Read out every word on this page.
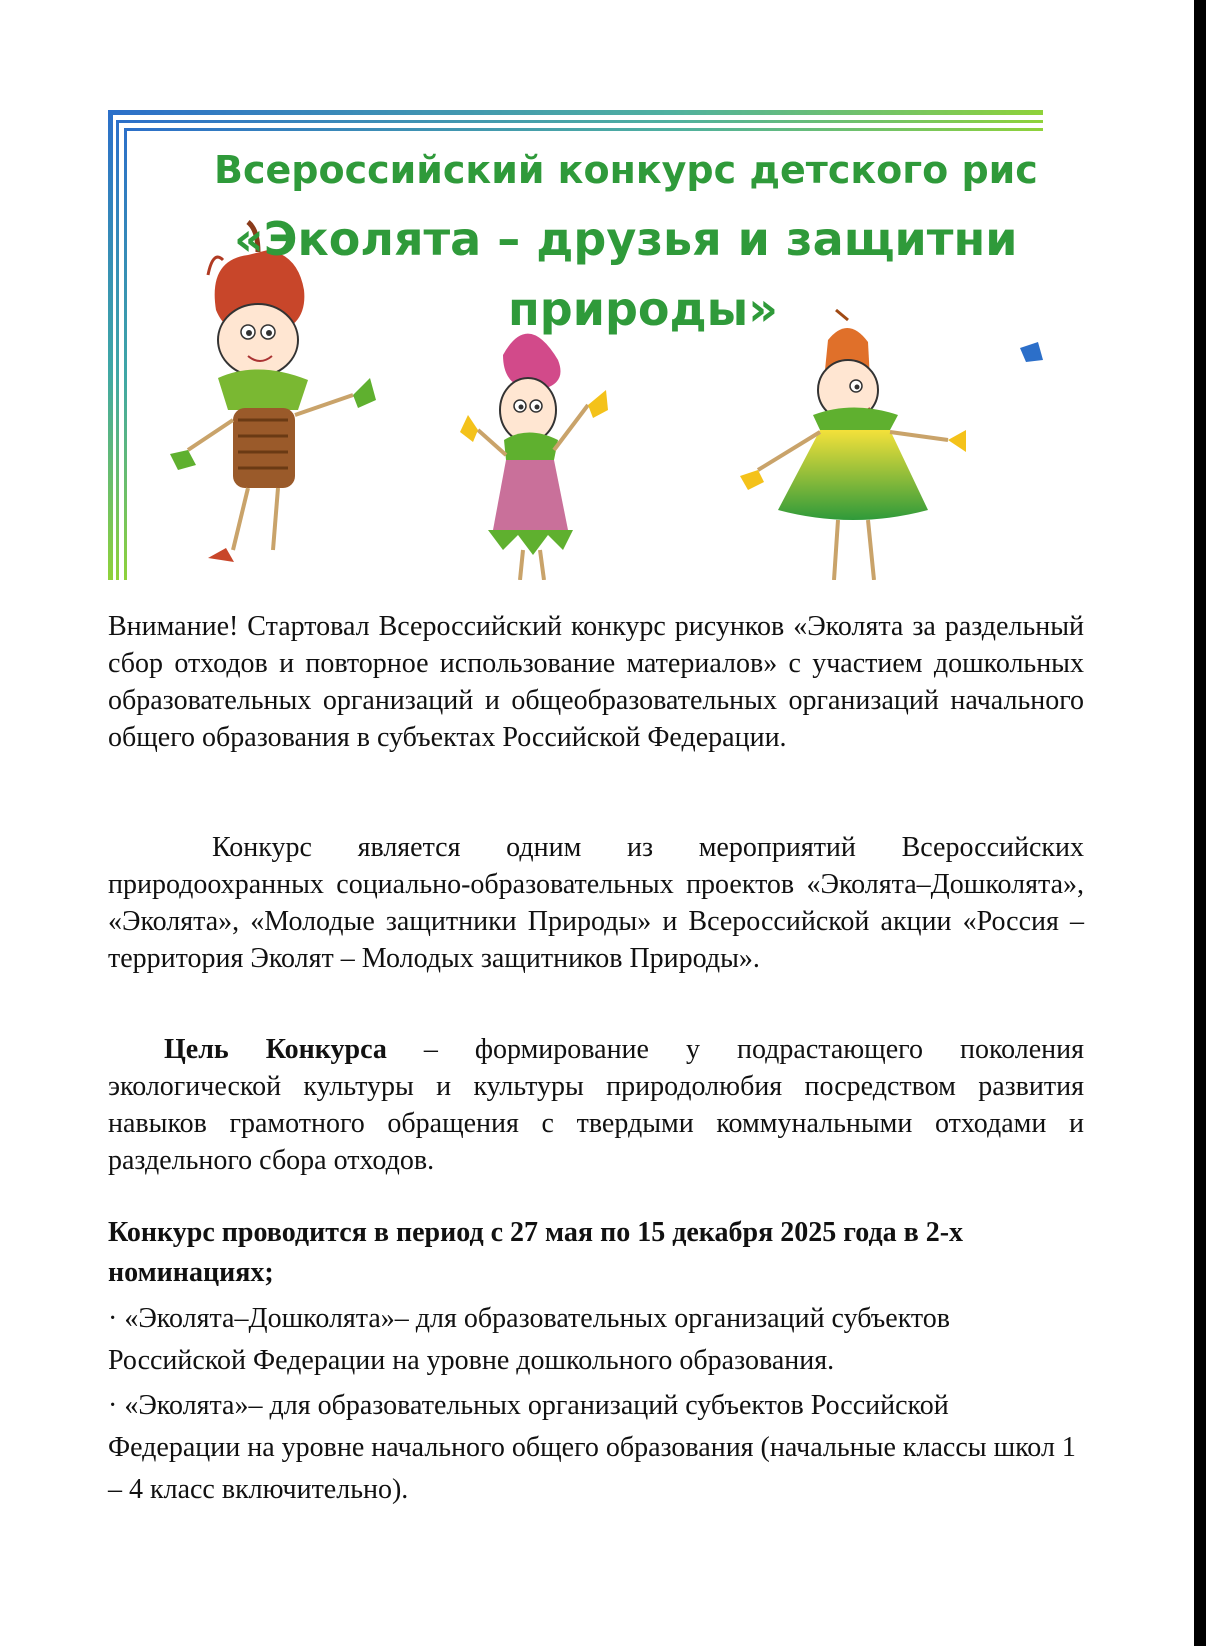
Всероссийский конкурс детского рис
«Эколята – друзья и защитни
природы»

Внимание! Стартовал Всероссийский конкурс рисунков «Эколята за раздельный сбор отходов и повторное использование материалов» с участием дошкольных образовательных организаций и общеобразовательных организаций начального общего образования в субъектах Российской Федерации.

Конкурс является одним из мероприятий Всероссийских природоохранных социально-образовательных проектов «Эколята–Дошколята», «Эколята», «Молодые защитники Природы» и Всероссийской акции «Россия – территория Эколят – Молодых защитников Природы».

Цель Конкурса – формирование у подрастающего поколения экологической культуры и культуры природолюбия посредством развития навыков грамотного обращения с твердыми коммунальными отходами и раздельного сбора отходов.

Конкурс проводится в период с 27 мая по 15 декабря 2025 года в 2-х номинациях;

· «Эколята–Дошколята»– для образовательных организаций субъектов Российской Федерации на уровне дошкольного образования.

· «Эколята»– для образовательных организаций субъектов Российской Федерации на уровне начального общего образования (начальные классы школ 1 – 4 класс включительно).
